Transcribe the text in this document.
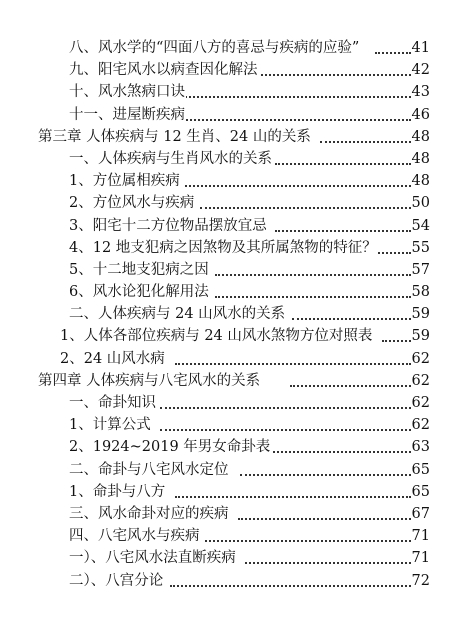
八、风水学的“四面八方的喜忌与疾病的应验”	41
九、阳宅风水以病查因化解法	42
十、风水煞病口诀	43
十一、进屋断疾病	46
第三章 人体疾病与 12 生肖、24 山的关系	48
一、人体疾病与生肖风水的关系	48
1、方位属相疾病	48
2、方位风水与疾病	50
3、阳宅十二方位物品摆放宜忌	54
4、12 地支犯病之因煞物及其所属煞物的特征？ 55
5、十二地支犯病之因	57
6、风水论犯化解用法	58
二、人体疾病与 24 山风水的关系	59
1、人体各部位疾病与 24 山风水煞物方位对照表	59
2、24 山风水病	62
第四章 人体疾病与八宅风水的关系	62
一、命卦知识	62
1、计算公式	62
2、1924~2019 年男女命卦表	63
二、命卦与八宅风水定位	65
1、命卦与八方	65
三、风水命卦对应的疾病	67
四、八宅风水与疾病	71
一）、八宅风水法直断疾病	71
二）、八宫分论	72
